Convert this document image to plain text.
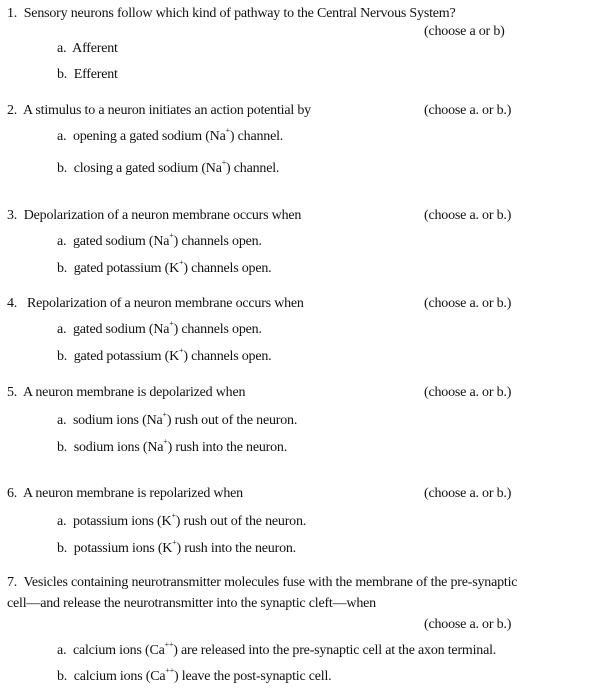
1. Sensory neurons follow which kind of pathway to the Central Nervous System?
(choose a or b)
a. Afferent
b. Efferent
2. A stimulus to a neuron initiates an action potential by	(choose a. or b.)
a. opening a gated sodium (Na+) channel.
b. closing a gated sodium (Na+) channel.
3. Depolarization of a neuron membrane occurs when	(choose a. or b.)
a. gated sodium (Na+) channels open.
b. gated potassium (K+) channels open.
4. Repolarization of a neuron membrane occurs when	(choose a. or b.)
a. gated sodium (Na+) channels open.
b. gated potassium (K+) channels open.
5. A neuron membrane is depolarized when	(choose a. or b.)
a. sodium ions (Na+) rush out of the neuron.
b. sodium ions (Na+) rush into the neuron.
6. A neuron membrane is repolarized when	(choose a. or b.)
a. potassium ions (K+) rush out of the neuron.
b. potassium ions (K+) rush into the neuron.
7. Vesicles containing neurotransmitter molecules fuse with the membrane of the pre-synaptic
cell—and release the neurotransmitter into the synaptic cleft—when
(choose a. or b.)
a. calcium ions (Ca++) are released into the pre-synaptic cell at the axon terminal.
b. calcium ions (Ca++) leave the post-synaptic cell.
